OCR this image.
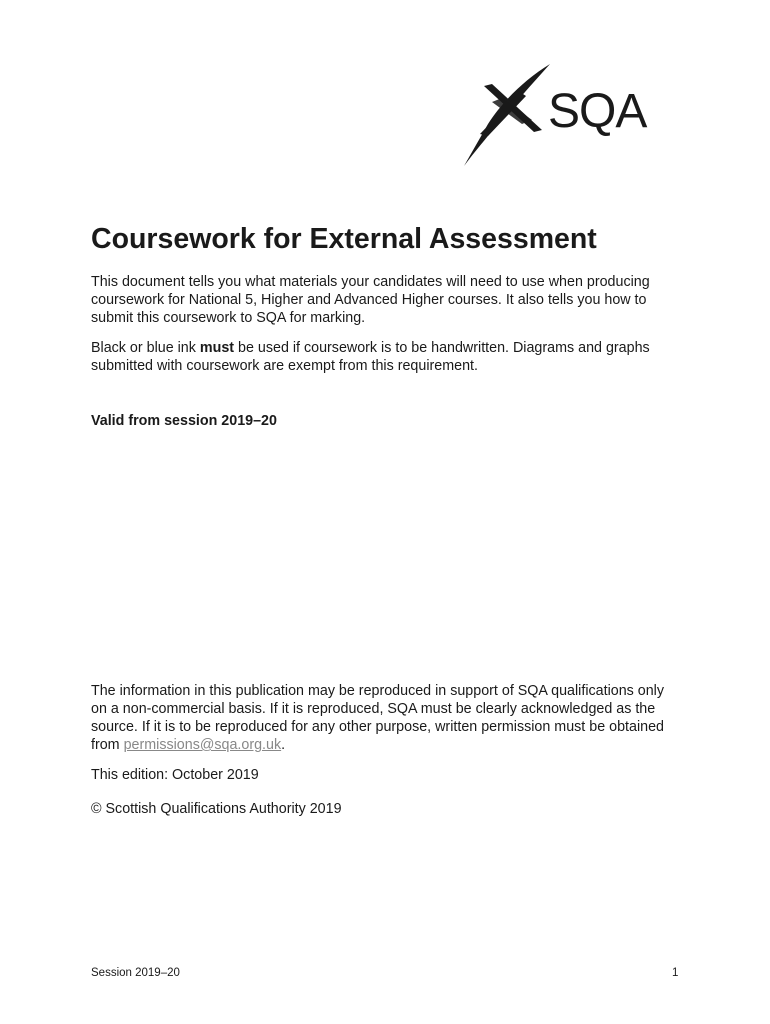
SQA
Coursework for External Assessment

This document tells you what materials your candidates will need to use when producing coursework for National 5, Higher and Advanced Higher courses. It also tells you how to submit this coursework to SQA for marking.

Black or blue ink must be used if coursework is to be handwritten. Diagrams and graphs submitted with coursework are exempt from this requirement.

Valid from session 2019–20

The information in this publication may be reproduced in support of SQA qualifications only on a non-commercial basis. If it is reproduced, SQA must be clearly acknowledged as the source. If it is to be reproduced for any other purpose, written permission must be obtained from permissions@sqa.org.uk.

This edition: October 2019

© Scottish Qualifications Authority 2019

Session 2019–20	1
